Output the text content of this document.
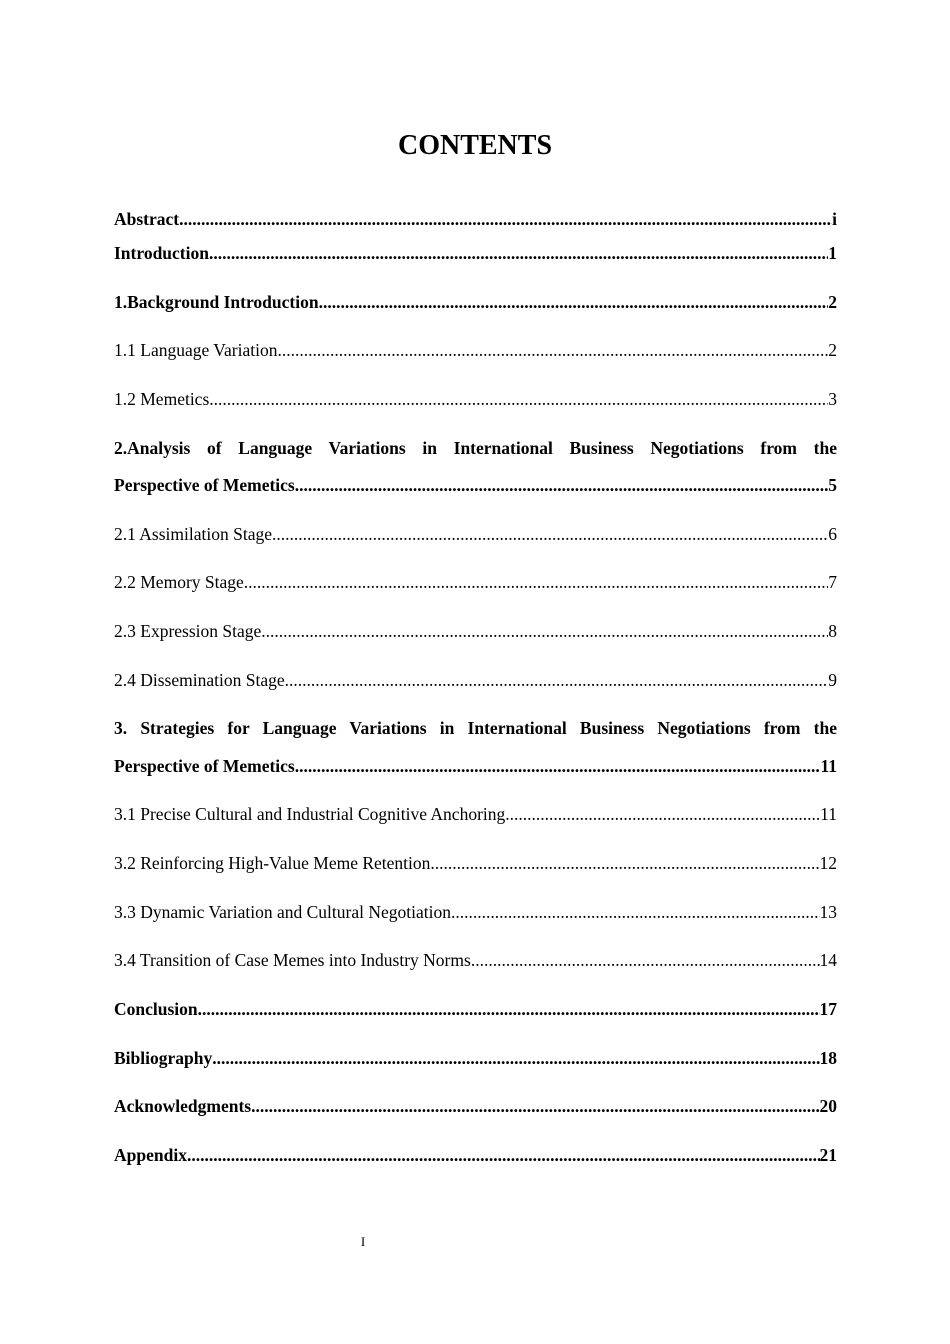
CONTENTS
Abstract .....	i
Introduction .....	1
1.Background Introduction .....	2
1.1 Language Variation .....	2
1.2 Memetics .....	3
2.Analysis of Language Variations in International Business Negotiations from the
Perspective of Memetics .....	5
2.1 Assimilation Stage .....	6
2.2 Memory Stage .....	7
2.3 Expression Stage .....	8
2.4 Dissemination Stage .....	9
3. Strategies for Language Variations in International Business Negotiations from the
Perspective of Memetics .....	11
3.1 Precise Cultural and Industrial Cognitive Anchoring .....	11
3.2 Reinforcing High-Value Meme Retention .....	12
3.3 Dynamic Variation and Cultural Negotiation .....	13
3.4 Transition of Case Memes into Industry Norms .....	14
Conclusion .....	17
Bibliography .....	18
Acknowledgments .....	20
Appendix .....	21
I
